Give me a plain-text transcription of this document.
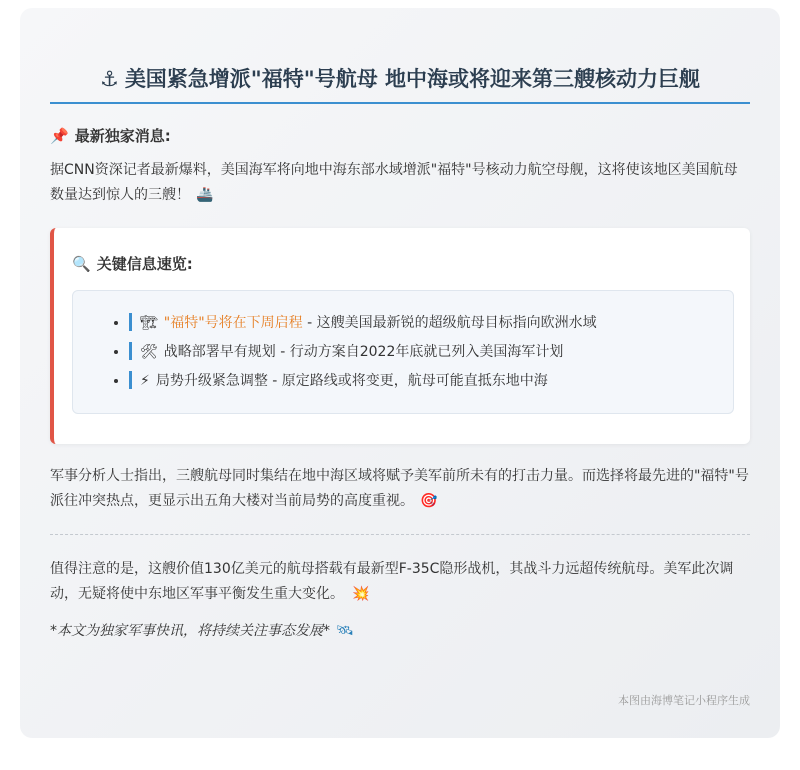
⚓ 美国紧急增派"福特"号航母 地中海或将迎来第三艘核动力巨舰
📌 最新独家消息:

据CNN资深记者最新爆料，美国海军将向地中海东部水域增派"福特"号核动力航空母舰，这将使该地区美国航母数量达到惊人的三艘！ 🚢

🔍 关键信息速览:
• 🏗 "福特"号将在下周启程 - 这艘美国最新锐的超级航母目标指向欧洲水域
• 🛠 战略部署早有规划 - 行动方案自2022年底就已列入美国海军计划
• ⚡ 局势升级紧急调整 - 原定路线或将变更，航母可能直抵东地中海

军事分析人士指出，三艘航母同时集结在地中海区域将赋予美军前所未有的打击力量。而选择将最先进的"福特"号派往冲突热点，更显示出五角大楼对当前局势的高度重视。 🎯

值得注意的是，这艘价值130亿美元的航母搭载有最新型F-35C隐形战机，其战斗力远超传统航母。美军此次调动，无疑将使中东地区军事平衡发生重大变化。 💥

*本文为独家军事快讯，将持续关注事态发展* 🛰
本图由海博笔记小程序生成
